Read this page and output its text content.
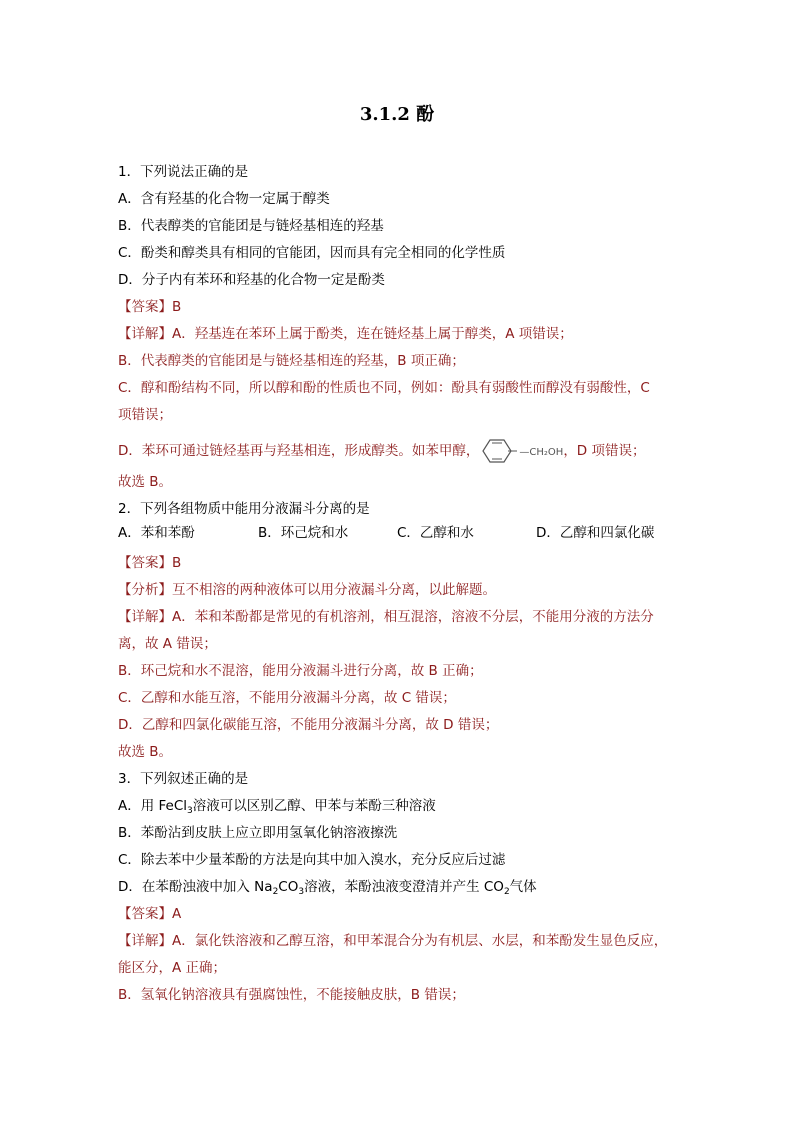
3.1.2 酚
1．下列说法正确的是
A．含有羟基的化合物一定属于醇类
B．代表醇类的官能团是与链烃基相连的羟基
C．酚类和醇类具有相同的官能团，因而具有完全相同的化学性质
D．分子内有苯环和羟基的化合物一定是酚类
【答案】B
【详解】A．羟基连在苯环上属于酚类，连在链烃基上属于醇类，A 项错误；
B．代表醇类的官能团是与链烃基相连的羟基，B 项正确；
C．醇和酚结构不同，所以醇和酚的性质也不同，例如：酚具有弱酸性而醇没有弱酸性，C
项错误；
D．苯环可通过链烃基再与羟基相连，形成醇类。如苯甲醇，	—CH₂OH，D 项错误；
故选 B。
2．下列各组物质中能用分液漏斗分离的是
A．苯和苯酚	B．环己烷和水	C．乙醇和水	D．乙醇和四氯化碳
【答案】B
【分析】互不相溶的两种液体可以用分液漏斗分离，以此解题。
【详解】A．苯和苯酚都是常见的有机溶剂，相互混溶，溶液不分层，不能用分液的方法分
离，故 A 错误；
B．环己烷和水不混溶，能用分液漏斗进行分离，故 B 正确；
C．乙醇和水能互溶，不能用分液漏斗分离，故 C 错误；
D．乙醇和四氯化碳能互溶，不能用分液漏斗分离，故 D 错误；
故选 B。
3．下列叙述正确的是
A．用 FeCl$_3$溶液可以区别乙醇、甲苯与苯酚三种溶液
B．苯酚沾到皮肤上应立即用氢氧化钠溶液擦洗
C．除去苯中少量苯酚的方法是向其中加入溴水，充分反应后过滤
D．在苯酚浊液中加入 $Na_2CO_3$溶液，苯酚浊液变澄清并产生 $CO_2$气体
【答案】A
【详解】A．氯化铁溶液和乙醇互溶，和甲苯混合分为有机层、水层，和苯酚发生显色反应，
能区分，A 正确；
B．氢氧化钠溶液具有强腐蚀性，不能接触皮肤，B 错误；
